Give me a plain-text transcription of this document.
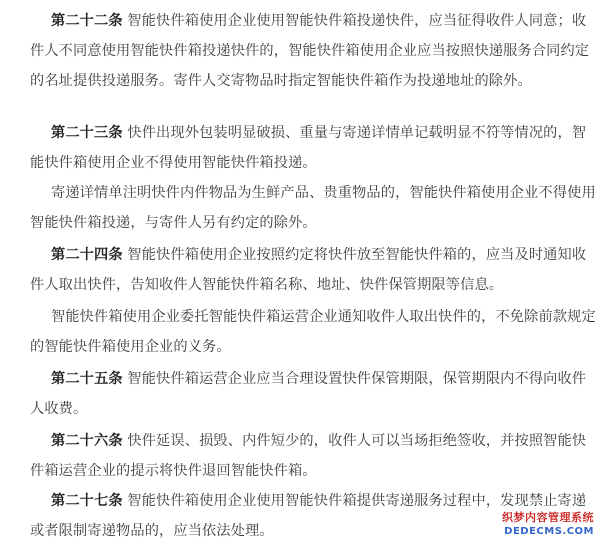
第二十二条 智能快件箱使用企业使用智能快件箱投递快件，应当征得收件人同意；收件人不同意使用智能快件箱投递快件的，智能快件箱使用企业应当按照快递服务合同约定的名址提供投递服务。寄件人交寄物品时指定智能快件箱作为投递地址的除外。

第二十三条 快件出现外包装明显破损、重量与寄递详情单记载明显不符等情况的，智能快件箱使用企业不得使用智能快件箱投递。

寄递详情单注明快件内件物品为生鲜产品、贵重物品的，智能快件箱使用企业不得使用智能快件箱投递，与寄件人另有约定的除外。

第二十四条 智能快件箱使用企业按照约定将快件放至智能快件箱的，应当及时通知收件人取出快件，告知收件人智能快件箱名称、地址、快件保管期限等信息。

智能快件箱使用企业委托智能快件箱运营企业通知收件人取出快件的，不免除前款规定的智能快件箱使用企业的义务。

第二十五条 智能快件箱运营企业应当合理设置快件保管期限，保管期限内不得向收件人收费。

第二十六条 快件延误、损毁、内件短少的，收件人可以当场拒绝签收，并按照智能快件箱运营企业的提示将快件退回智能快件箱。

第二十七条 智能快件箱使用企业使用智能快件箱提供寄递服务过程中，发现禁止寄递或者限制寄递物品的，应当依法处理。

织梦内容管理系统
DEDECMS.COM
